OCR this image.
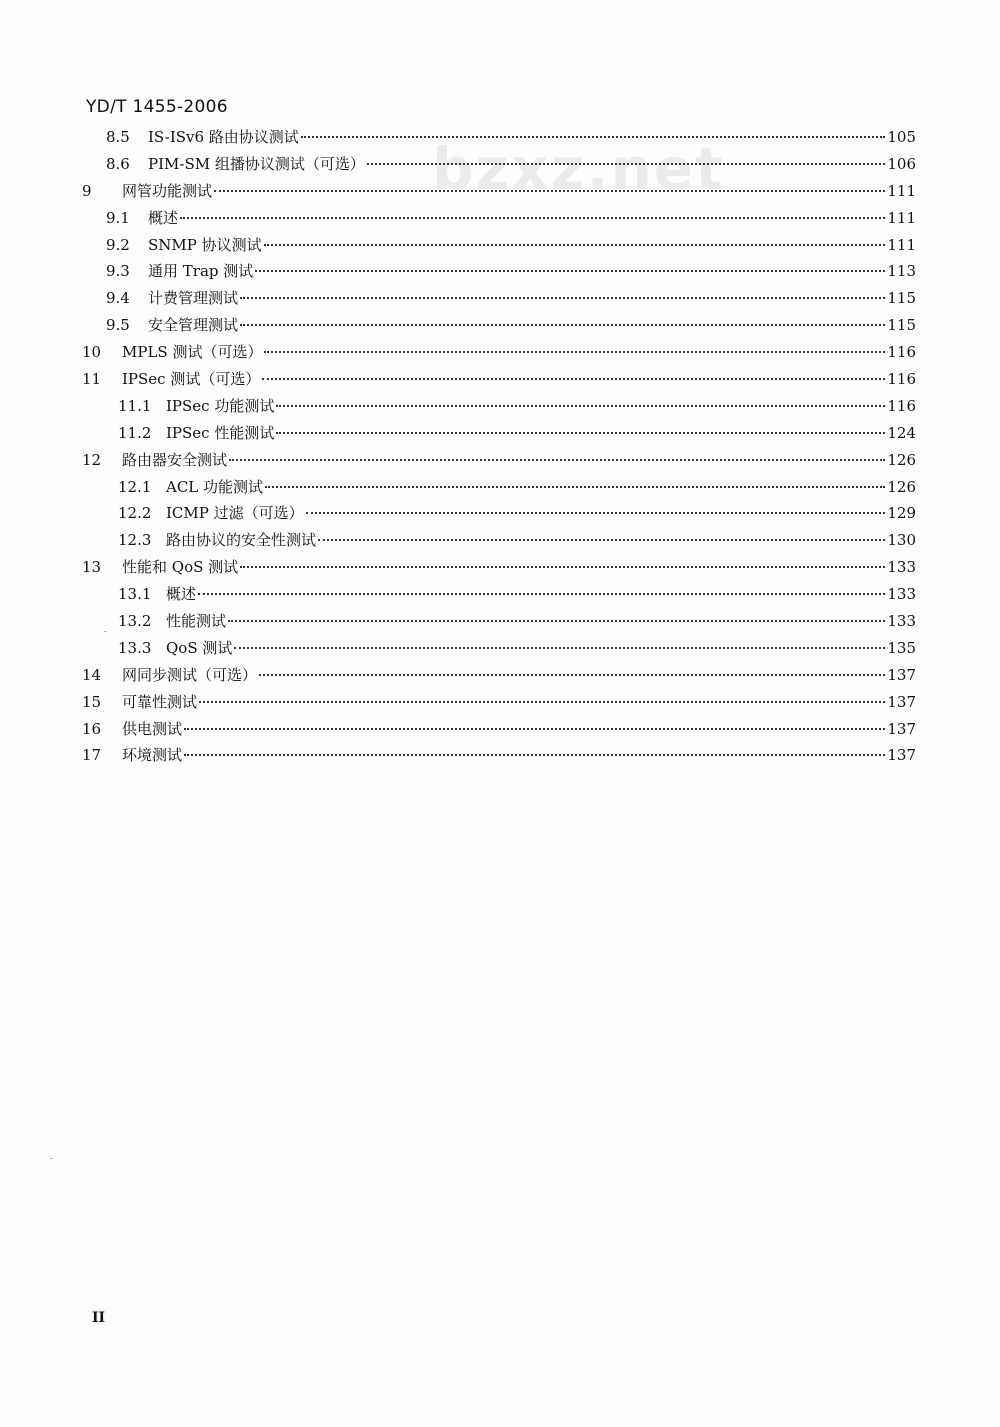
YD/T 1455-2006
bzxz.net
8.5	IS-ISv6 路由协议测试	105
8.6	PIM-SM 组播协议测试（可选）	106
9	网管功能测试	111
9.1	概述	111
9.2	SNMP 协议测试	111
9.3	通用 Trap 测试	113
9.4	计费管理测试	115
9.5	安全管理测试	115
10	MPLS 测试（可选）	116
11	IPSec 测试（可选）	116
11.1 IPSec 功能测试	116
11.2 IPSec 性能测试	124
12	路由器安全测试	126
12.1 ACL 功能测试	126
12.2 ICMP 过滤（可选）	129
12.3 路由协议的安全性测试	130
13	性能和 QoS 测试	133
13.1 概述	133
13.2 性能测试	133
13.3 QoS 测试	135
14	网同步测试（可选）	137
15	可靠性测试	137
16	供电测试	137
17	环境测试	137
II
